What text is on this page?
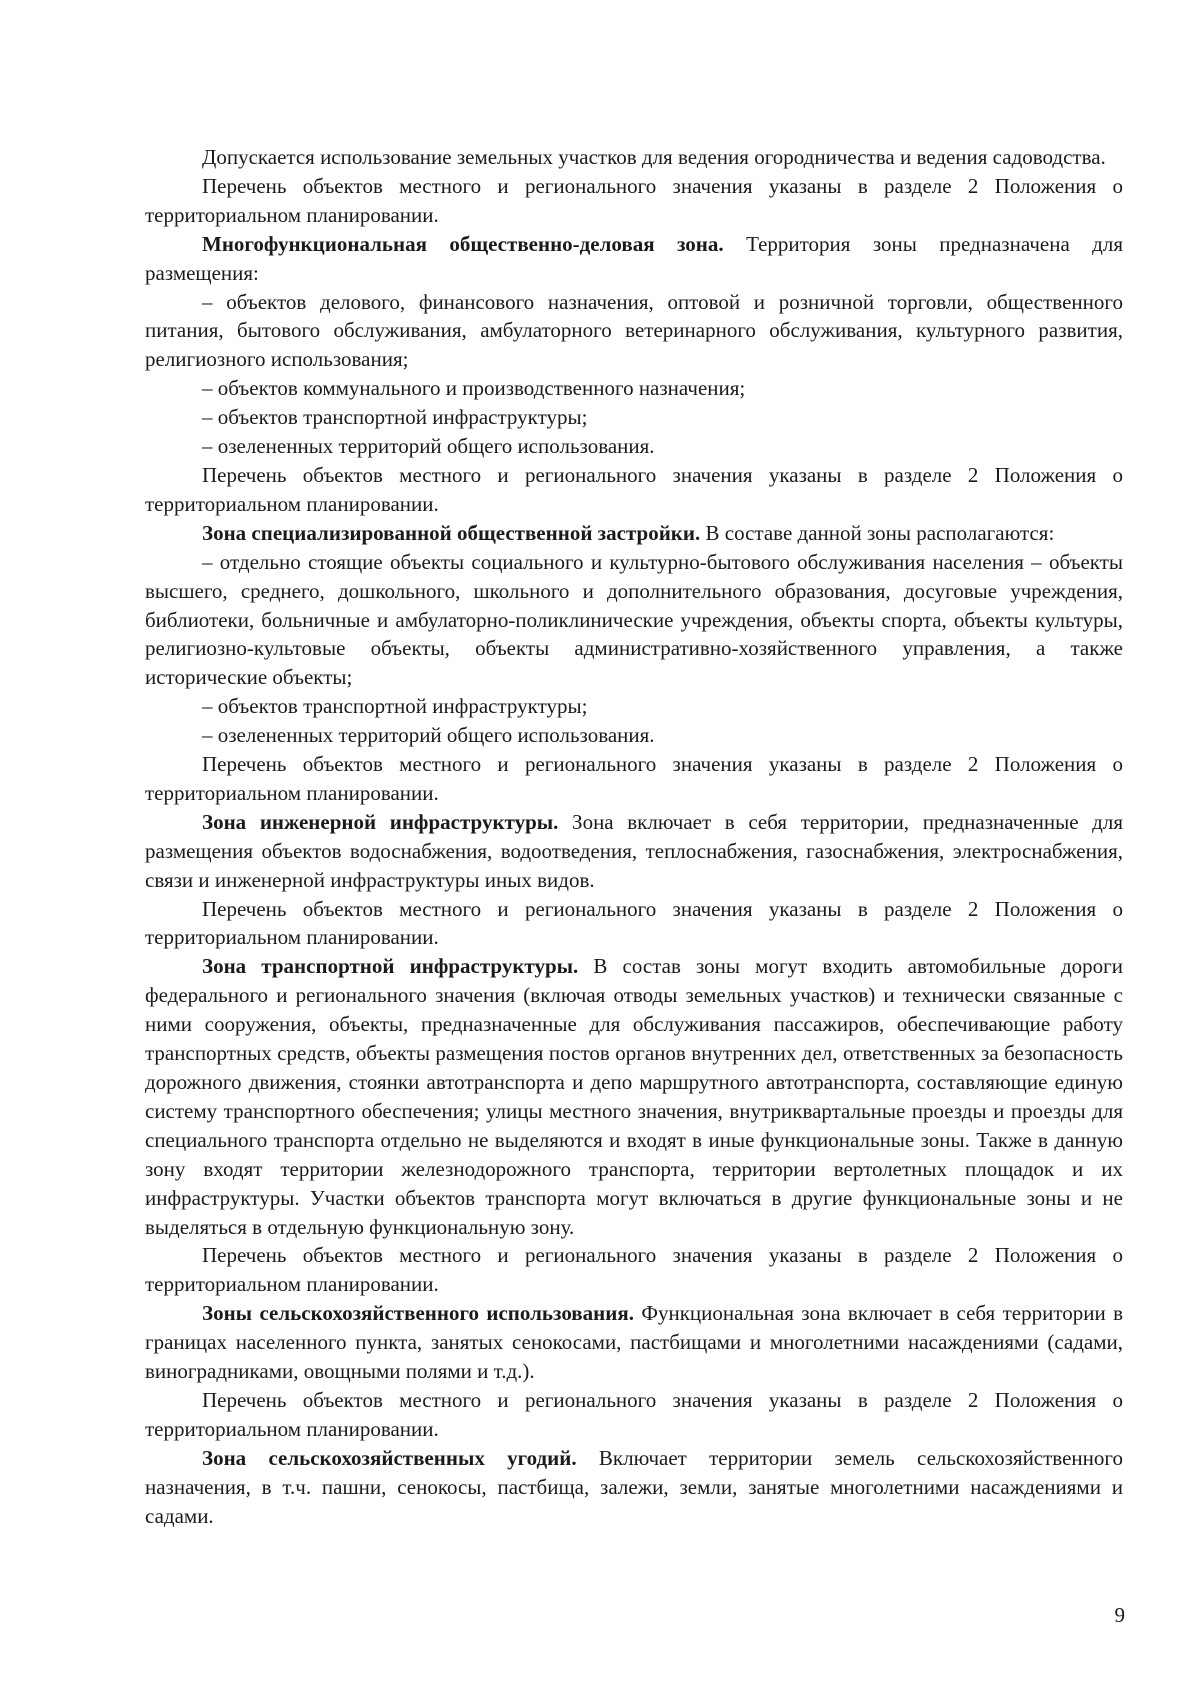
Допускается использование земельных участков для ведения огородничества и ведения садоводства.

Перечень объектов местного и регионального значения указаны в разделе 2 Положения о территориальном планировании.

Многофункциональная общественно-деловая зона. Территория зоны предназначена для размещения:

– объектов делового, финансового назначения, оптовой и розничной торговли, общественного питания, бытового обслуживания, амбулаторного ветеринарного обслуживания, культурного развития, религиозного использования;

– объектов коммунального и производственного назначения;

– объектов транспортной инфраструктуры;

– озелененных территорий общего использования.

Перечень объектов местного и регионального значения указаны в разделе 2 Положения о территориальном планировании.

Зона специализированной общественной застройки. В составе данной зоны располагаются:

– отдельно стоящие объекты социального и культурно-бытового обслуживания населения – объекты высшего, среднего, дошкольного, школьного и дополнительного образования, досуговые учреждения, библиотеки, больничные и амбулаторно-поликлинические учреждения, объекты спорта, объекты культуры, религиозно-культовые объекты, объекты административно-хозяйственного управления, а также исторические объекты;

– объектов транспортной инфраструктуры;

– озелененных территорий общего использования.

Перечень объектов местного и регионального значения указаны в разделе 2 Положения о территориальном планировании.

Зона инженерной инфраструктуры. Зона включает в себя территории, предназначенные для размещения объектов водоснабжения, водоотведения, теплоснабжения, газоснабжения, электроснабжения, связи и инженерной инфраструктуры иных видов.

Перечень объектов местного и регионального значения указаны в разделе 2 Положения о территориальном планировании.

Зона транспортной инфраструктуры. В состав зоны могут входить автомобильные дороги федерального и регионального значения (включая отводы земельных участков) и технически связанные с ними сооружения, объекты, предназначенные для обслуживания пассажиров, обеспечивающие работу транспортных средств, объекты размещения постов органов внутренних дел, ответственных за безопасность дорожного движения, стоянки автотранспорта и депо маршрутного автотранспорта, составляющие единую систему транспортного обеспечения; улицы местного значения, внутриквартальные проезды и проезды для специального транспорта отдельно не выделяются и входят в иные функциональные зоны. Также в данную зону входят территории железнодорожного транспорта, территории вертолетных площадок и их инфраструктуры. Участки объектов транспорта могут включаться в другие функциональные зоны и не выделяться в отдельную функциональную зону.

Перечень объектов местного и регионального значения указаны в разделе 2 Положения о территориальном планировании.

Зоны сельскохозяйственного использования. Функциональная зона включает в себя территории в границах населенного пункта, занятых сенокосами, пастбищами и многолетними насаждениями (садами, виноградниками, овощными полями и т.д.).

Перечень объектов местного и регионального значения указаны в разделе 2 Положения о территориальном планировании.

Зона сельскохозяйственных угодий. Включает территории земель сельскохозяйственного назначения, в т.ч. пашни, сенокосы, пастбища, залежи, земли, занятые многолетними насаждениями и садами.

9
